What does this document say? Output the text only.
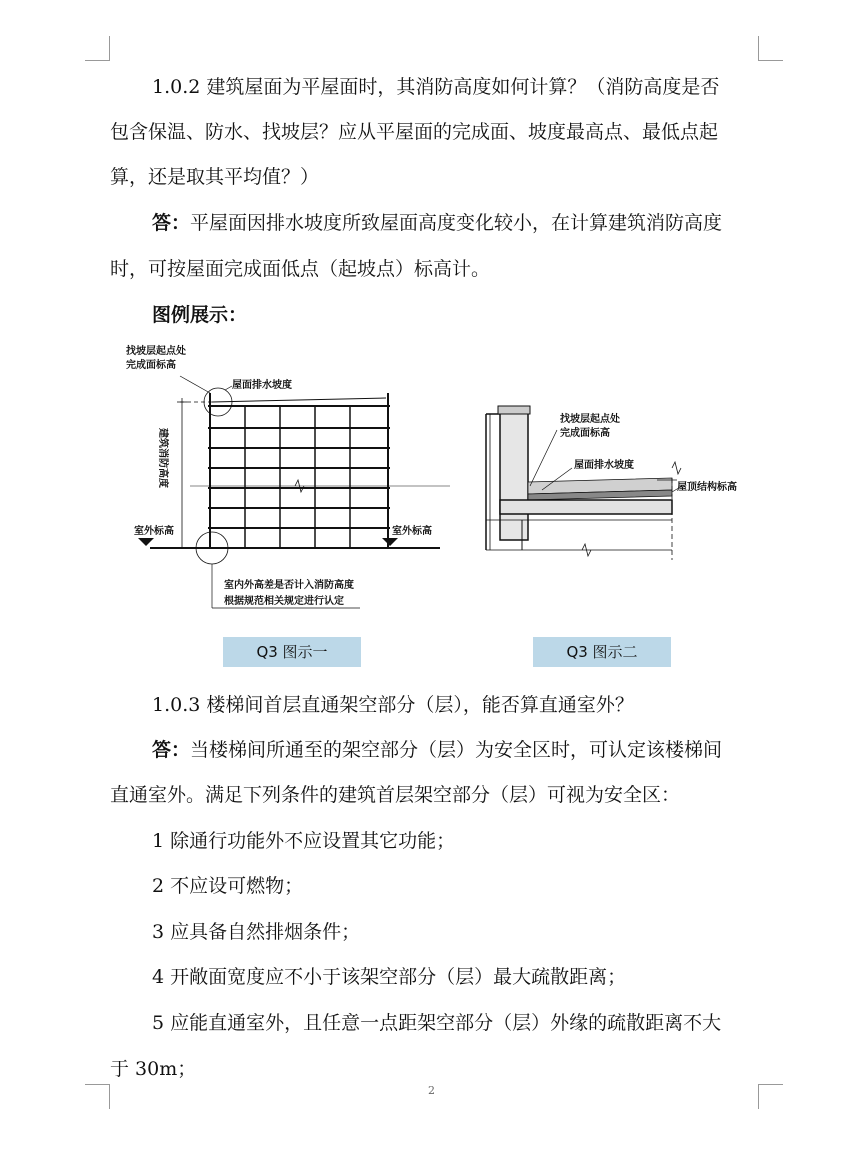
1.0.2 建筑屋面为平屋面时，其消防高度如何计算？（消防高度是否
包含保温、防水、找坡层？应从平屋面的完成面、坡度最高点、最低点起
算，还是取其平均值？）
答：平屋面因排水坡度所致屋面高度变化较小，在计算建筑消防高度
时，可按屋面完成面低点（起坡点）标高计。
图例展示：
找坡层起点处
完成面标高
屋面排水坡度
建筑消防高度
室外标高	室外标高
室内外高差是否计入消防高度
根据规范相关规定进行认定
找坡层起点处
完成面标高
屋面排水坡度
屋顶结构标高
Q3 图示一	Q3 图示二
1.0.3 楼梯间首层直通架空部分（层），能否算直通室外？
答：当楼梯间所通至的架空部分（层）为安全区时，可认定该楼梯间
直通室外。满足下列条件的建筑首层架空部分（层）可视为安全区：
1 除通行功能外不应设置其它功能；
2 不应设可燃物；
3 应具备自然排烟条件；
4 开敞面宽度应不小于该架空部分（层）最大疏散距离；
5 应能直通室外，且任意一点距架空部分（层）外缘的疏散距离不大
于 30m；
2
